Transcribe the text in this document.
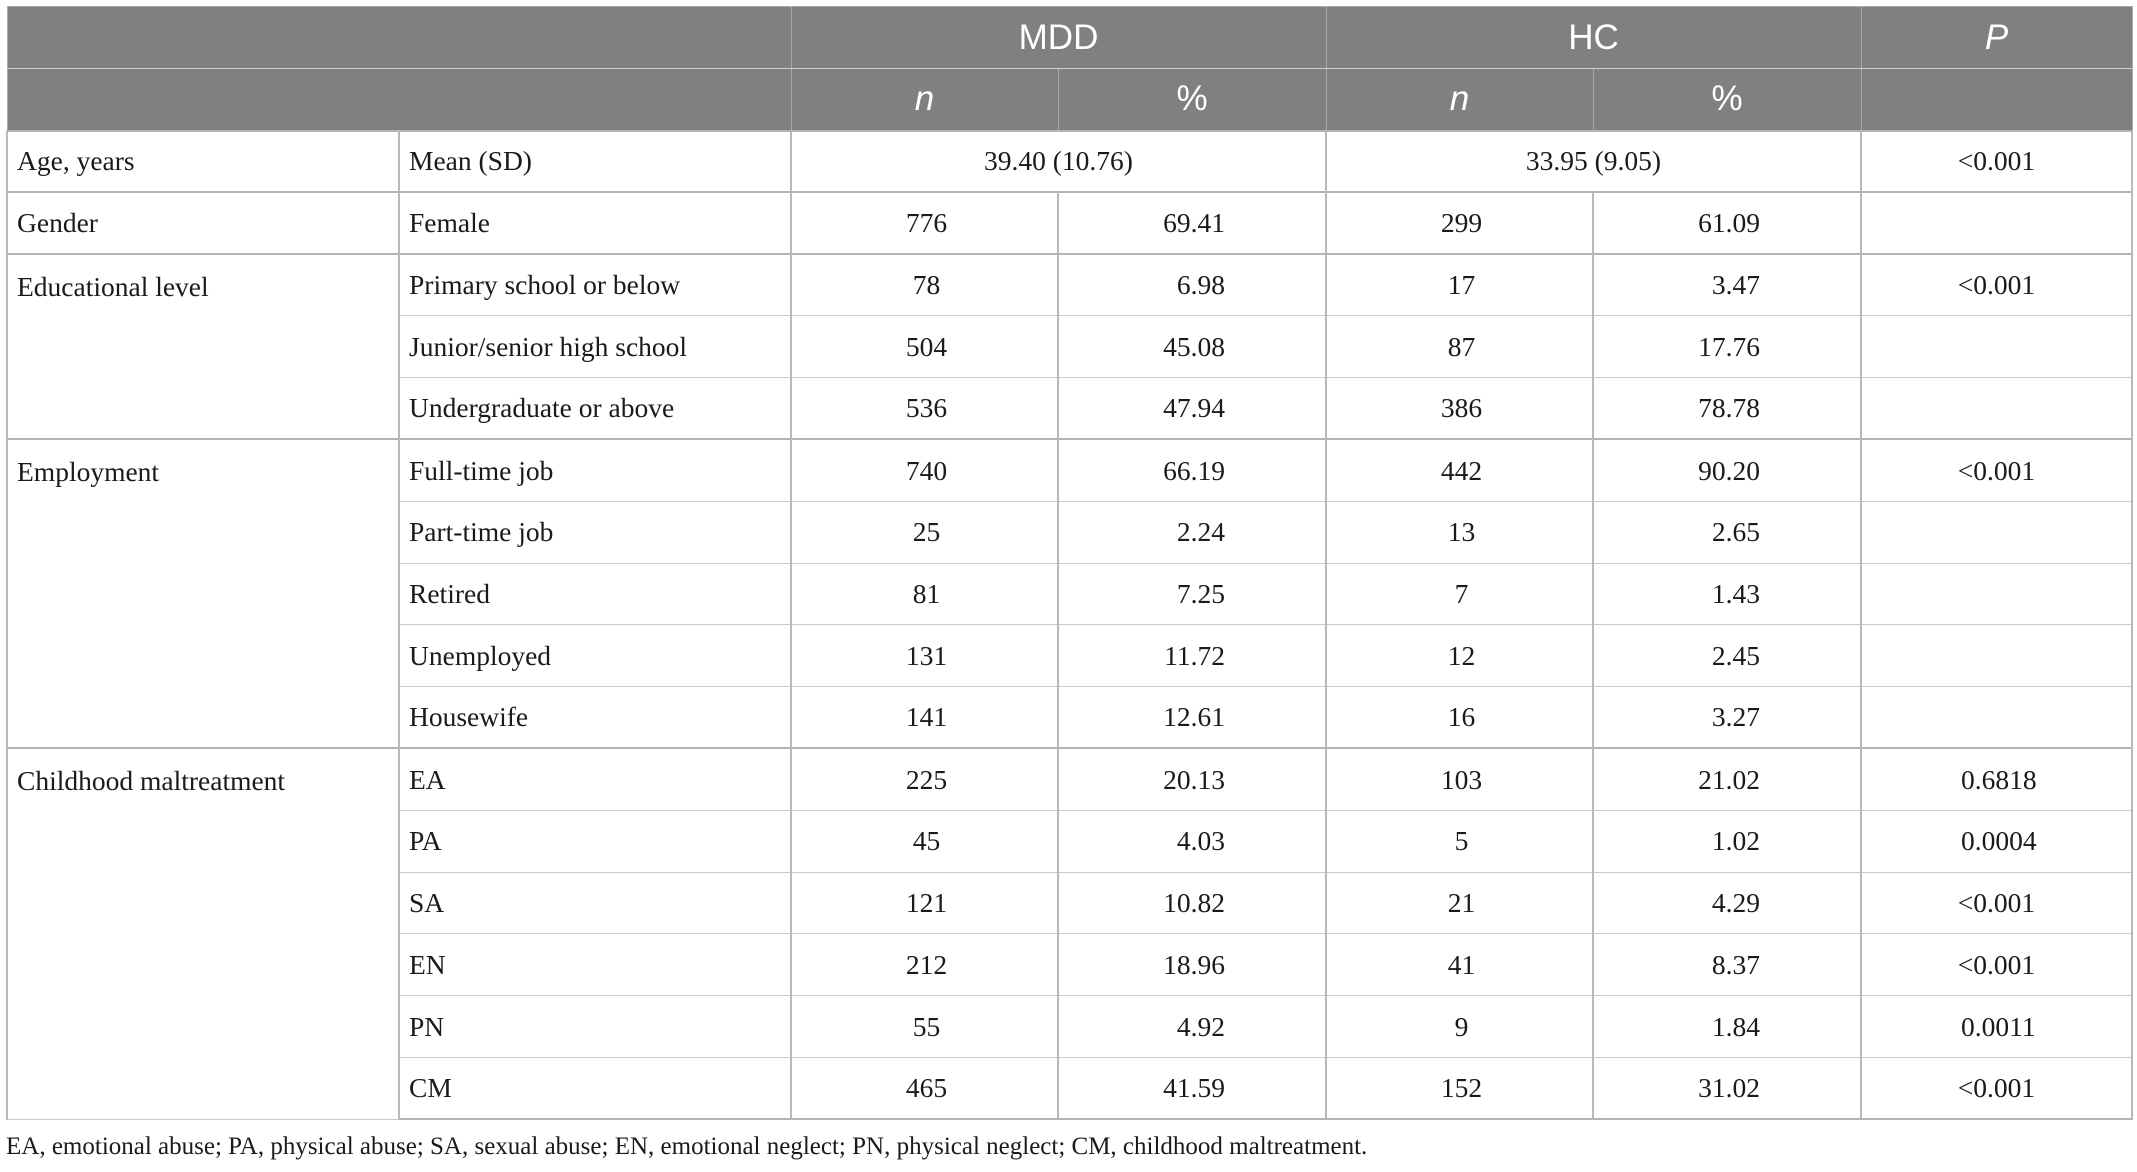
		MDD		HC		P
		n	%	n	%	
Age, years	Mean (SD)	39.40 (10.76)		33.95 (9.05)		<0.001
Gender	Female	776	69.41	299	61.09	
Educational level	Primary school or below	78	6.98	17	3.47	<0.001
	Junior/senior high school	504	45.08	87	17.76	
	Undergraduate or above	536	47.94	386	78.78	
Employment	Full-time job	740	66.19	442	90.20	<0.001
	Part-time job	25	2.24	13	2.65	
	Retired	81	7.25	7	1.43	
	Unemployed	131	11.72	12	2.45	
	Housewife	141	12.61	16	3.27	
Childhood maltreatment	EA	225	20.13	103	21.02	0.6818
	PA	45	4.03	5	1.02	0.0004
	SA	121	10.82	21	4.29	<0.001
	EN	212	18.96	41	8.37	<0.001
	PN	55	4.92	9	1.84	0.0011
	CM	465	41.59	152	31.02	<0.001
EA, emotional abuse; PA, physical abuse; SA, sexual abuse; EN, emotional neglect; PN, physical neglect; CM, childhood maltreatment.
